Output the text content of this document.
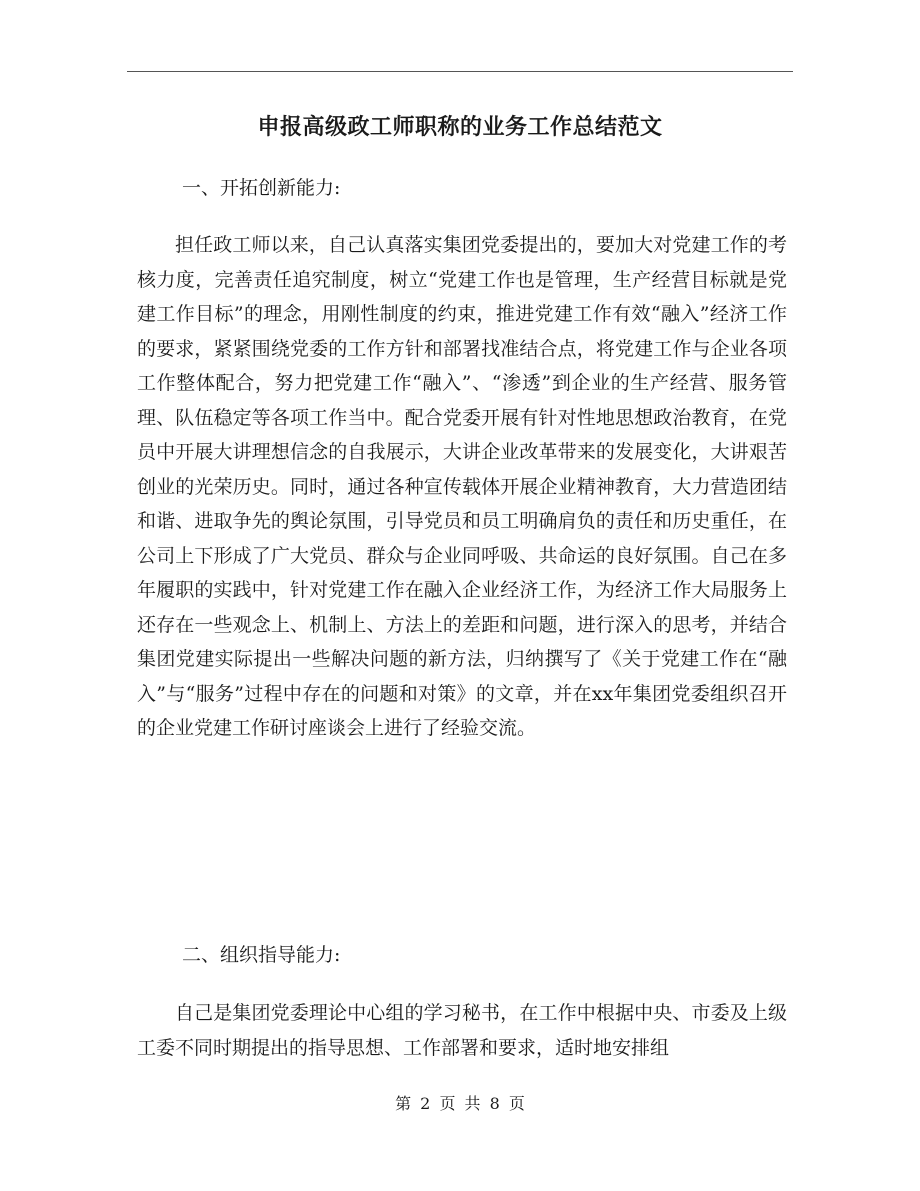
申报高级政工师职称的业务工作总结范文

一、开拓创新能力:

担任政工师以来，自己认真落实集团党委提出的，要加大对党建工作的考核力度，完善责任追究制度，树立“党建工作也是管理，生产经营目标就是党建工作目标”的理念，用刚性制度的约束，推进党建工作有效“融入”经济工作的要求，紧紧围绕党委的工作方针和部署找准结合点，将党建工作与企业各项工作整体配合，努力把党建工作“融入”、“渗透”到企业的生产经营、服务管理、队伍稳定等各项工作当中。配合党委开展有针对性地思想政治教育，在党员中开展大讲理想信念的自我展示，大讲企业改革带来的发展变化，大讲艰苦创业的光荣历史。同时，通过各种宣传载体开展企业精神教育，大力营造团结和谐、进取争先的舆论氛围，引导党员和员工明确肩负的责任和历史重任，在公司上下形成了广大党员、群众与企业同呼吸、共命运的良好氛围。自己在多年履职的实践中，针对党建工作在融入企业经济工作，为经济工作大局服务上还存在一些观念上、机制上、方法上的差距和问题，进行深入的思考，并结合集团党建实际提出一些解决问题的新方法，归纳撰写了《关于党建工作在“融入”与“服务”过程中存在的问题和对策》的文章，并在xx年集团党委组织召开的企业党建工作研讨座谈会上进行了经验交流。

二、组织指导能力:

自己是集团党委理论中心组的学习秘书，在工作中根据中央、市委及上级工委不同时期提出的指导思想、工作部署和要求，适时地安排组

第 2 页 共 8 页
